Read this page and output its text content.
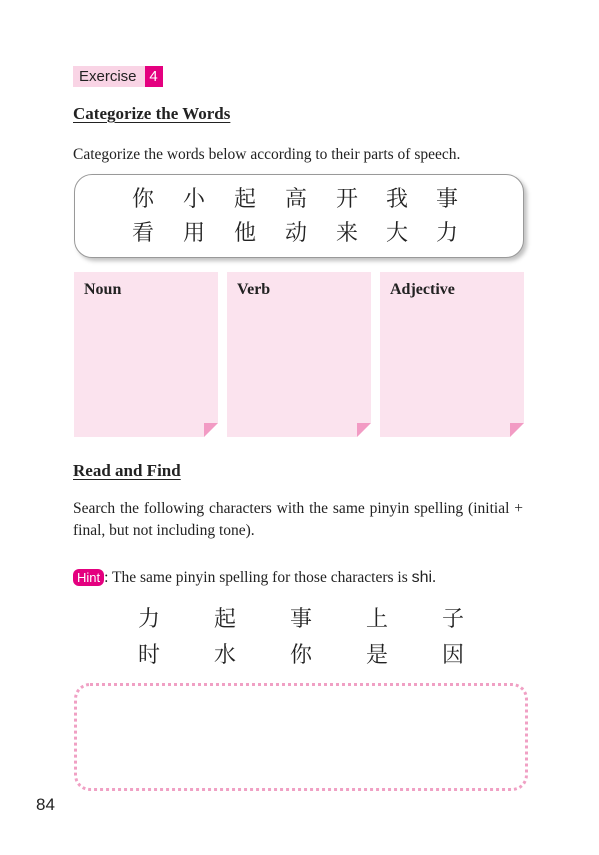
Exercise 4
Categorize the Words
Categorize the words below according to their parts of speech.
你 小 起 高 开 我 事
看 用 他 动 来 大 力
Noun	Verb	Adjective
Read and Find
Search the following characters with the same pinyin spelling (initial + final, but not including tone).
Hint : The same pinyin spelling for those characters is shi.
力 起 事 上 子
时 水 你 是 因
84
